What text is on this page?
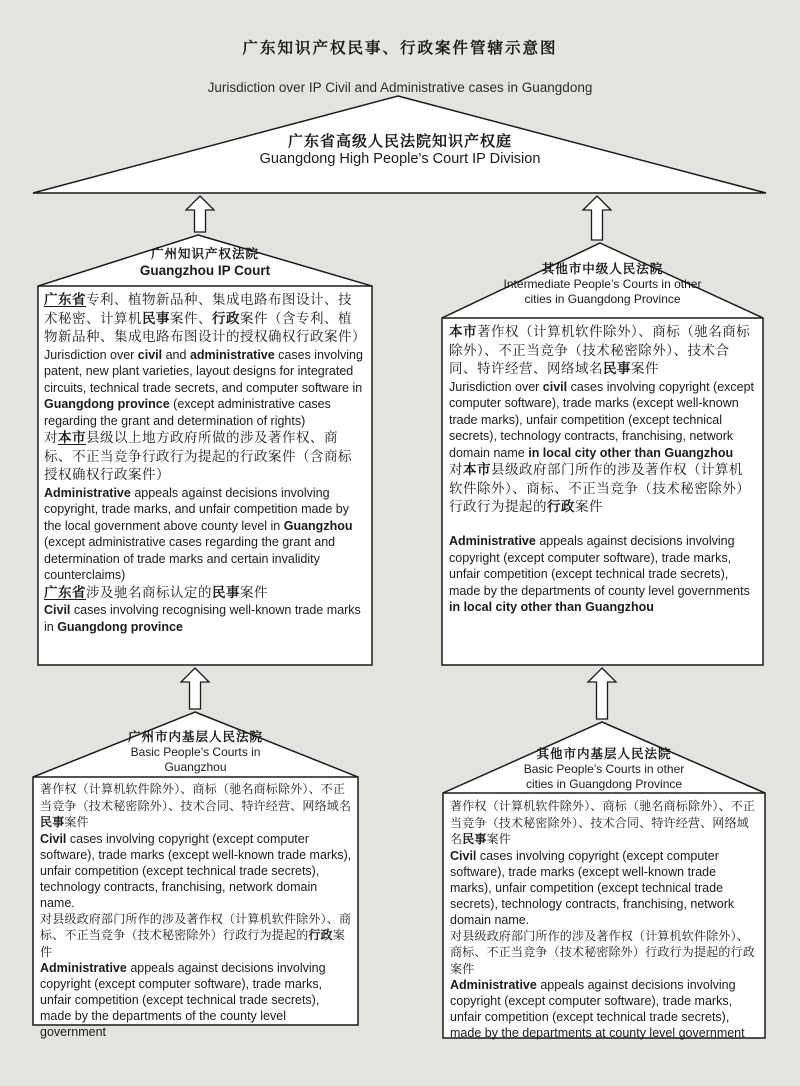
广东知识产权民事、行政案件管辖示意图
Jurisdiction over IP Civil and Administrative cases in Guangdong
广东省高级人民法院知识产权庭
Guangdong High People’s Court IP Division
广州知识产权法院
Guangzhou IP Court	其他市中级人民法院
Intermediate People’s Courts in other cities in Guangdong Province
广州市内基层人民法院
Basic People’s Courts in Guangzhou
其他市内基层人民法院
Basic People’s Courts in other cities in Guangdong Province

广东省专利、植物新品种、集成电路布图设计、技术秘密、计算机民事案件、行政案件（含专利、植物新品种、集成电路布图设计的授权确权行政案件）

Jurisdiction over civil and administrative cases involving patent, new plant varieties, layout designs for integrated circuits, technical trade secrets, and computer software in Guangdong province (except administrative cases regarding the grant and determination of rights)

对本市县级以上地方政府所做的涉及著作权、商标、不正当竞争行政行为提起的行政案件（含商标授权确权行政案件）

Administrative appeals against decisions involving copyright, trade marks, and unfair competition made by the local government above county level in Guangzhou (except administrative cases regarding the grant and determination of trade marks and certain invalidity counterclaims)

广东省涉及驰名商标认定的民事案件

Civil cases involving recognising well-known trade marks in Guangdong province

本市著作权（计算机软件除外）、商标（驰名商标除外）、不正当竞争（技术秘密除外）、技术合同、特许经营、网络域名民事案件

Jurisdiction over civil cases involving copyright (except computer software), trade marks (except well-known trade marks), unfair competition (except technical secrets), technology contracts, franchising, network domain name in local city other than Guangzhou

对本市县级政府部门所作的涉及著作权（计算机软件除外）、商标、不正当竞争（技术秘密除外）行政行为提起的行政案件

Administrative appeals against decisions involving copyright (except computer software), trade marks, unfair competition (except technical trade secrets), made by the departments of county level governments in local city other than Guangzhou

著作权（计算机软件除外）、商标（驰名商标除外）、不正当竞争（技术秘密除外）、技术合同、特许经营、网络域名民事案件

Civil cases involving copyright (except computer software), trade marks (except well-known trade marks), unfair competition (except technical trade secrets), technology contracts, franchising, network domain name.

对县级政府部门所作的涉及著作权（计算机软件除外）、商标、不正当竞争（技术秘密除外）行政行为提起的行政案件

Administrative appeals against decisions involving copyright (except computer software), trade marks, unfair competition (except technical trade secrets), made by the departments of the county level government

著作权（计算机软件除外）、商标（驰名商标除外）、不正当竞争（技术秘密除外）、技术合同、特许经营、网络域名民事案件

Civil cases involving copyright (except computer software), trade marks (except well-known trade marks), unfair competition (except technical trade secrets), technology contracts, franchising, network domain name.

对县级政府部门所作的涉及著作权（计算机软件除外）、商标、不正当竞争（技术秘密除外）行政行为提起的行政案件

Administrative appeals against decisions involving copyright (except computer software), trade marks, unfair competition (except technical trade secrets), made by the departments at county level government
